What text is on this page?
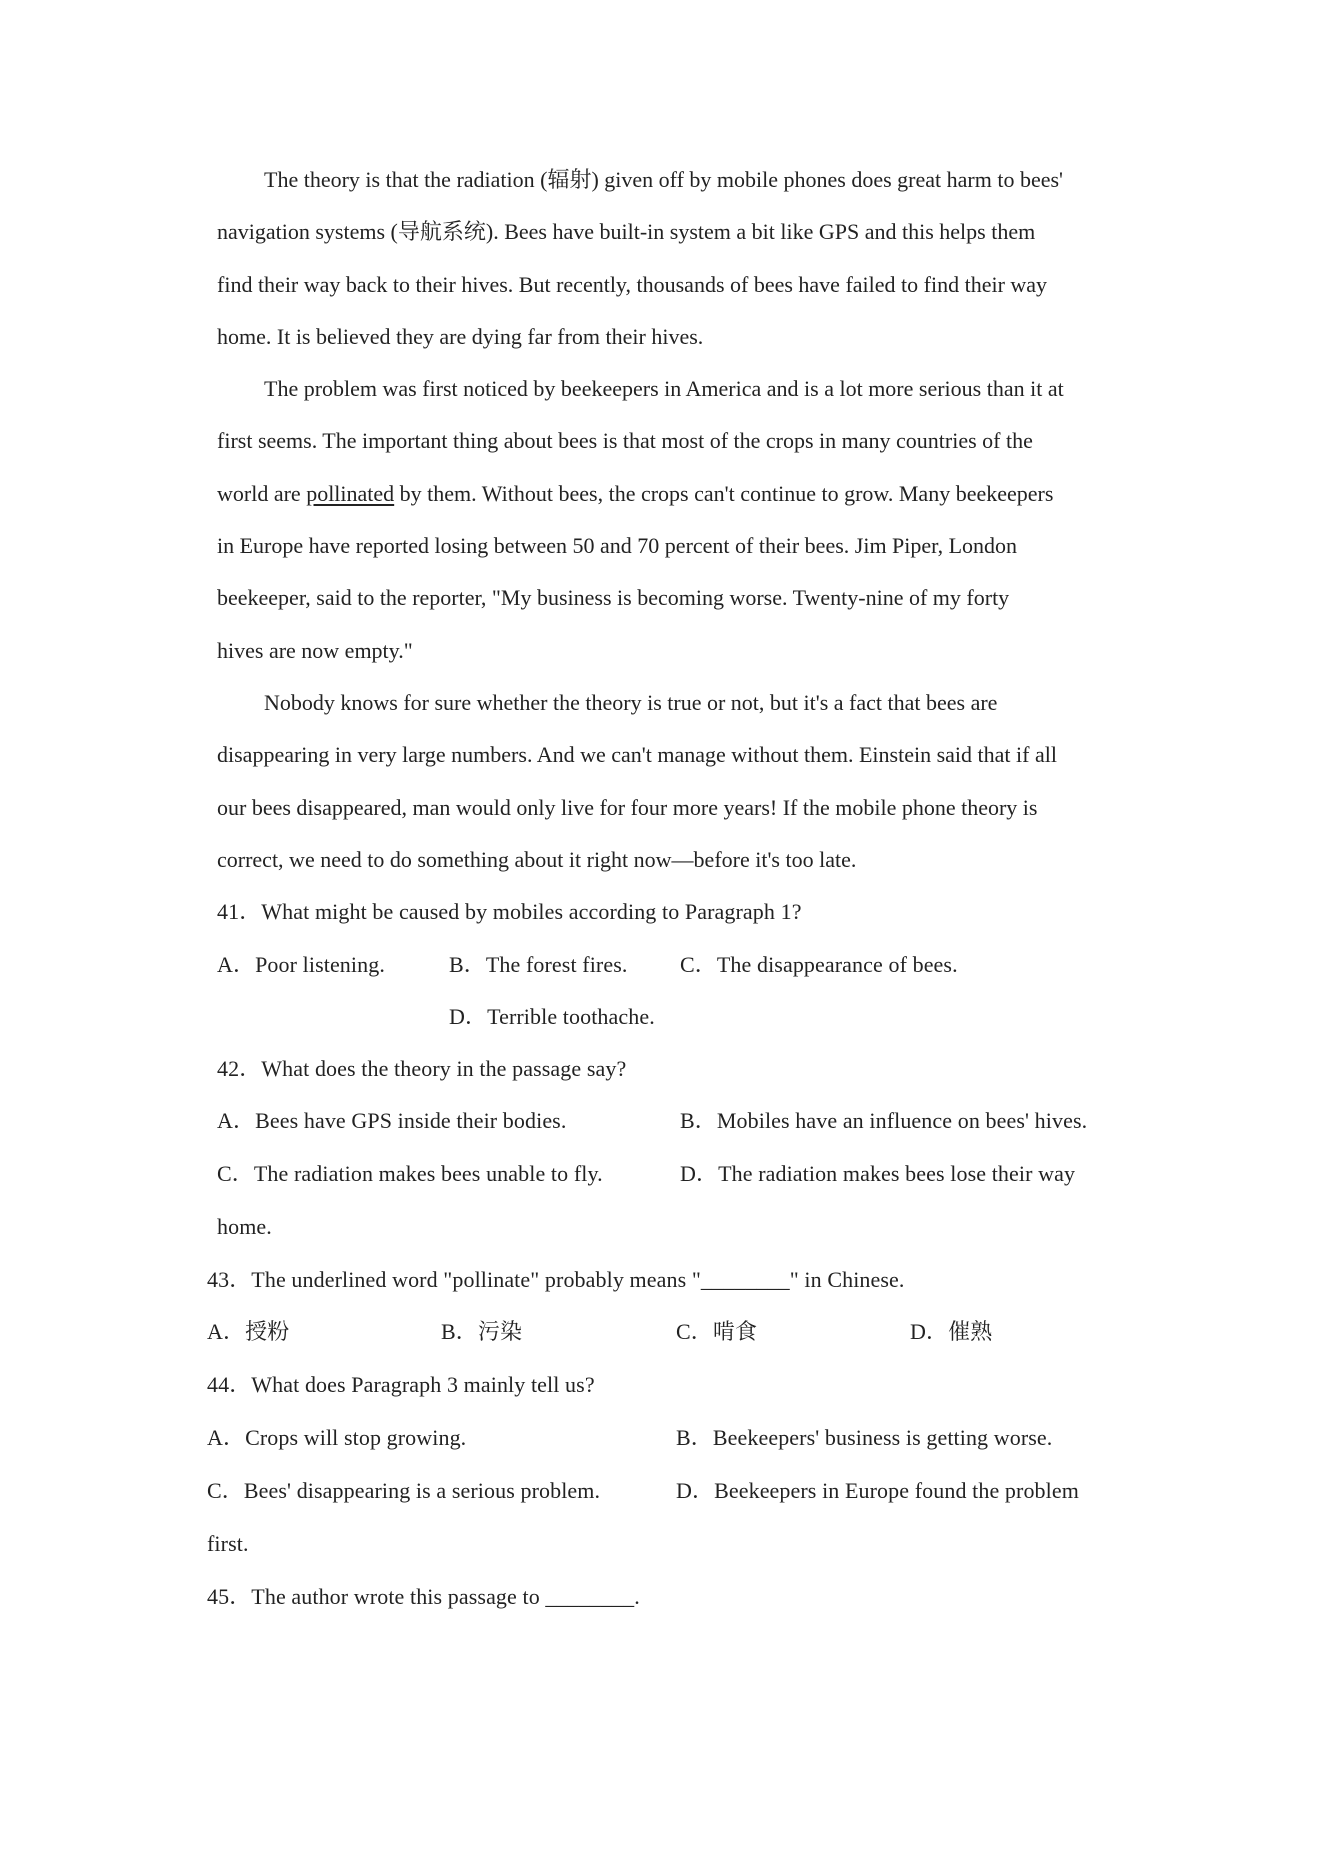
The theory is that the radiation (辐射) given off by mobile phones does great harm to bees'
navigation systems (导航系统). Bees have built-in system a bit like GPS and this helps them
find their way back to their hives. But recently, thousands of bees have failed to find their way
home. It is believed they are dying far from their hives.
The problem was first noticed by beekeepers in America and is a lot more serious than it at
first seems. The important thing about bees is that most of the crops in many countries of the
world are pollinated by them. Without bees, the crops can't continue to grow. Many beekeepers
in Europe have reported losing between 50 and 70 percent of their bees. Jim Piper, London
beekeeper, said to the reporter, "My business is becoming worse. Twenty-nine of my forty
hives are now empty."
Nobody knows for sure whether the theory is true or not, but it's a fact that bees are
disappearing in very large numbers. And we can't manage without them. Einstein said that if all
our bees disappeared, man would only live for four more years! If the mobile phone theory is
correct, we need to do something about it right now—before it's too late.
41．What might be caused by mobiles according to Paragraph 1?
A．Poor listening.	B．The forest fires. C．The disappearance of bees.
D．Terrible toothache.
42．What does the theory in the passage say?
A．Bees have GPS inside their bodies.	B．Mobiles have an influence on bees' hives.
C．The radiation makes bees unable to fly.	D．The radiation makes bees lose their way
home.
43．The underlined word "pollinate" probably means "________" in Chinese.
A．授粉	B．污染	C．啃食	D．催熟
44．What does Paragraph 3 mainly tell us?
A．Crops will stop growing.	B．Beekeepers' business is getting worse.
C．Bees' disappearing is a serious problem.	D．Beekeepers in Europe found the problem
first.
45．The author wrote this passage to ________.
